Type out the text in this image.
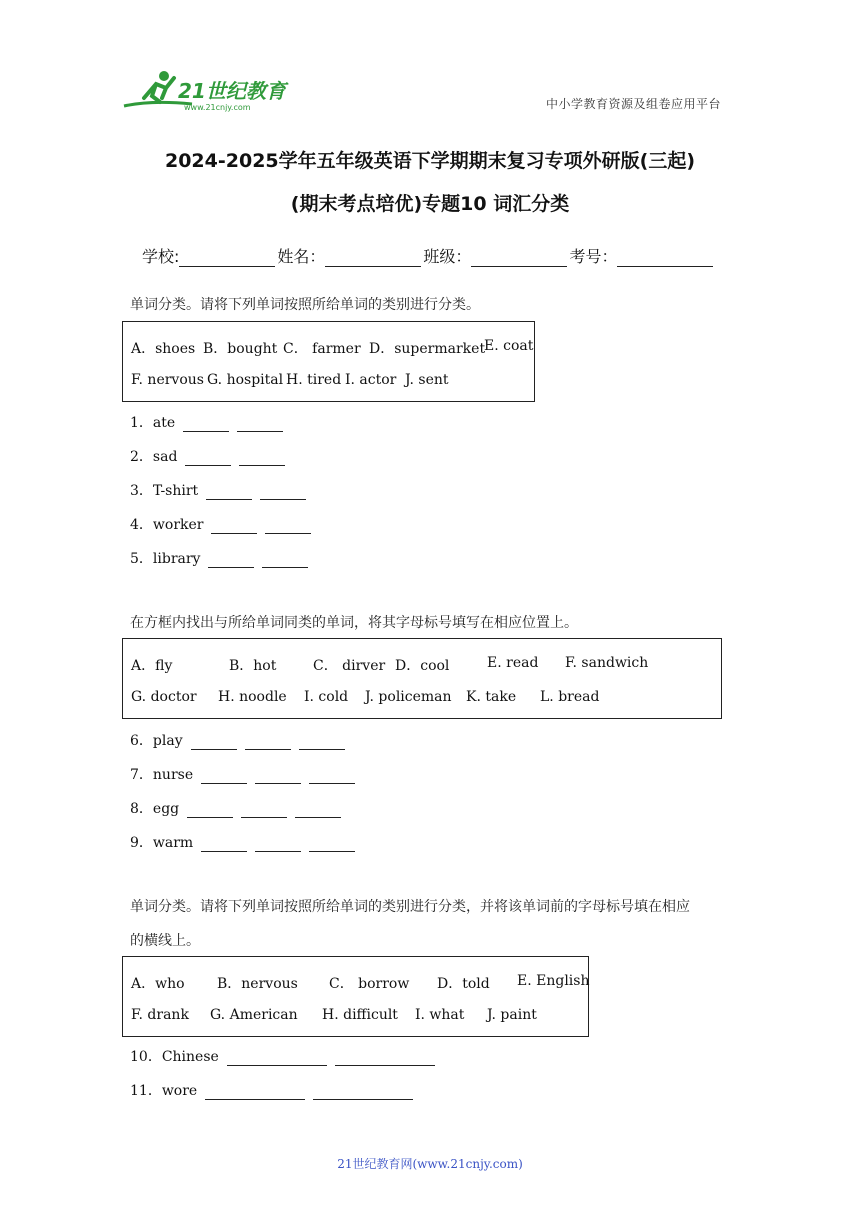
21世纪教育
www.21cnjy.com	中小学教育资源及组卷应用平台
2024-2025学年五年级英语下学期期末复习专项外研版(三起)
(期末考点培优)专题10 词汇分类
学校:	姓名：	班级：	考号：
单词分类。请将下列单词按照所给单词的类别进行分类。
A．shoes B．bought C． farmer D．supermarket
E. coat
F. nervous G. hospital H. tired I. actor J. sent
1．ate
2．sad
3．T-shirt
4．worker
5．library
在方框内找出与所给单词同类的单词，将其字母标号填写在相应位置上。
A．fly	B．hot	C． dirver D．cool	E. read F. sandwich
G. doctor H. noodle I. cold J. policeman K. take L. bread
6．play
7．nurse
8．egg
9．warm
单词分类。请将下列单词按照所给单词的类别进行分类，并将该单词前的字母标号填在相应
的横线上。
A．who B．nervous C． borrow D．told E. English
F. drank G. American H. difficult I. what J. paint
10．Chinese
11．wore
21世纪教育网(www.21cnjy.com)
